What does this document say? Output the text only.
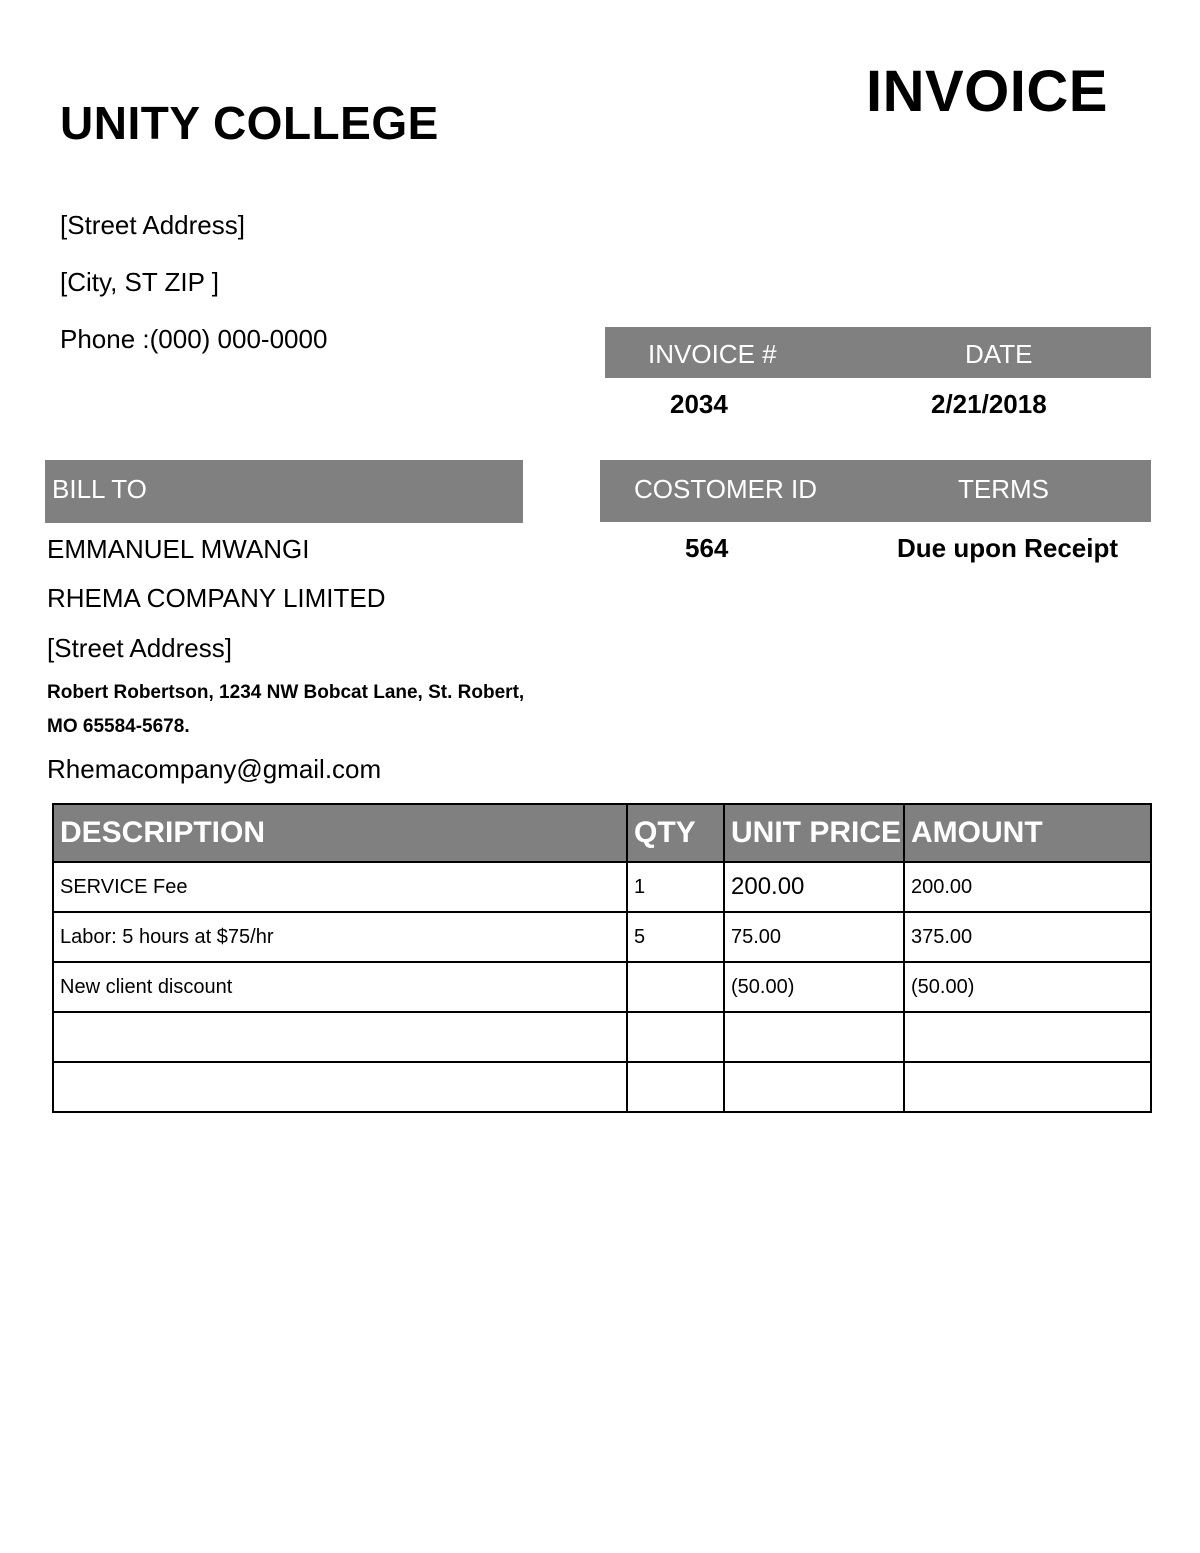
UNITY COLLEGE	INVOICE
[Street Address]
[City, ST ZIP ]
Phone :(000) 000-0000	INVOICE #	DATE
2034	2/21/2018
BILL TO	COSTOMER ID	TERMS
564	Due upon Receipt
EMMANUEL MWANGI
RHEMA COMPANY LIMITED
[Street Address]
Robert Robertson, 1234 NW Bobcat Lane, St. Robert,
MO 65584-5678.
Rhemacompany@gmail.com
DESCRIPTION	QTY	UNIT PRICE	AMOUNT
SERVICE Fee	1	200.00	200.00
Labor: 5 hours at $75/hr	5	75.00	375.00
New client discount		(50.00)	(50.00)
